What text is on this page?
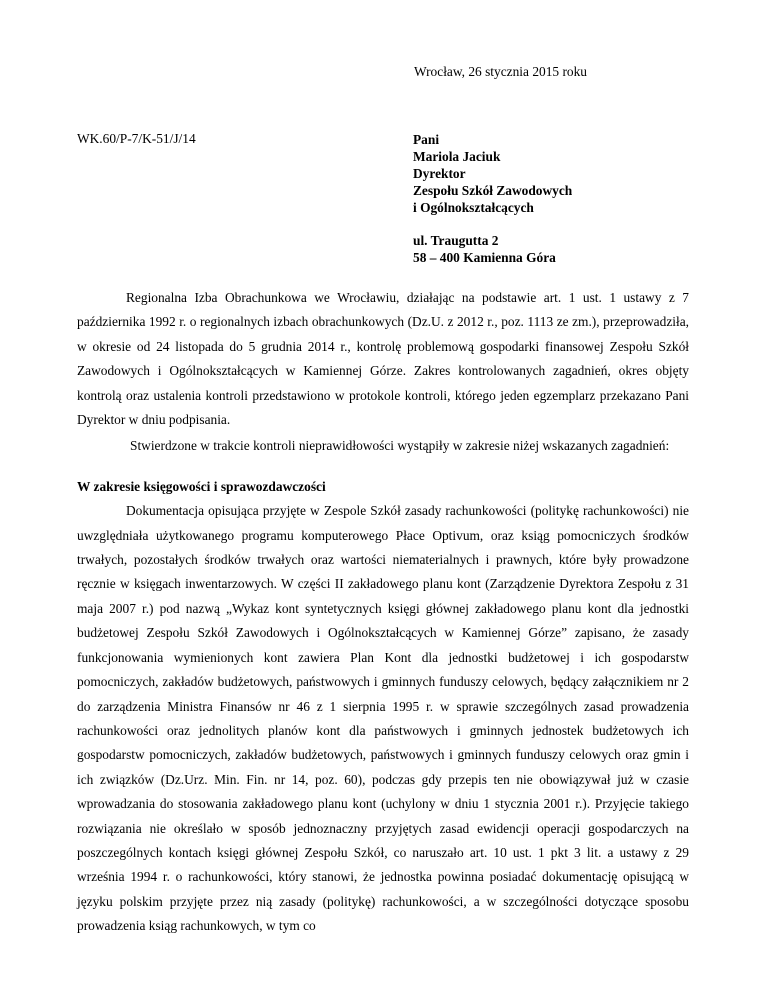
Wrocław, 26 stycznia 2015 roku
WK.60/P-7/K-51/J/14	Pani
Mariola Jaciuk
Dyrektor
Zespołu Szkół Zawodowych
i Ogólnokształcących
ul. Traugutta 2
58 – 400 Kamienna Góra

Regionalna Izba Obrachunkowa we Wrocławiu, działając na podstawie art. 1 ust. 1 ustawy z 7 października 1992 r. o regionalnych izbach obrachunkowych (Dz.U. z 2012 r., poz. 1113 ze zm.), przeprowadziła, w okresie od 24 listopada do 5 grudnia 2014 r., kontrolę problemową gospodarki finansowej Zespołu Szkół Zawodowych i Ogólnokształcących w Kamiennej Górze. Zakres kontrolowanych zagadnień, okres objęty kontrolą oraz ustalenia kontroli przedstawiono w protokole kontroli, którego jeden egzemplarz przekazano Pani Dyrektor w dniu podpisania.

Stwierdzone w trakcie kontroli nieprawidłowości wystąpiły w zakresie niżej wskazanych zagadnień:

W zakresie księgowości i sprawozdawczości

Dokumentacja opisująca przyjęte w Zespole Szkół zasady rachunkowości (politykę rachunkowości) nie uwzględniała użytkowanego programu komputerowego Płace Optivum, oraz ksiąg pomocniczych środków trwałych, pozostałych środków trwałych oraz wartości niematerialnych i prawnych, które były prowadzone ręcznie w księgach inwentarzowych. W części II zakładowego planu kont (Zarządzenie Dyrektora Zespołu z 31 maja 2007 r.) pod nazwą „Wykaz kont syntetycznych księgi głównej zakładowego planu kont dla jednostki budżetowej Zespołu Szkół Zawodowych i Ogólnokształcących w Kamiennej Górze” zapisano, że zasady funkcjonowania wymienionych kont zawiera Plan Kont dla jednostki budżetowej i ich gospodarstw pomocniczych, zakładów budżetowych, państwowych i gminnych funduszy celowych, będący załącznikiem nr 2 do zarządzenia Ministra Finansów nr 46 z 1 sierpnia 1995 r. w sprawie szczególnych zasad prowadzenia rachunkowości oraz jednolitych planów kont dla państwowych i gminnych jednostek budżetowych ich gospodarstw pomocniczych, zakładów budżetowych, państwowych i gminnych funduszy celowych oraz gmin i ich związków (Dz.Urz. Min. Fin. nr 14, poz. 60), podczas gdy przepis ten nie obowiązywał już w czasie wprowadzania do stosowania zakładowego planu kont (uchylony w dniu 1 stycznia 2001 r.). Przyjęcie takiego rozwiązania nie określało w sposób jednoznaczny przyjętych zasad ewidencji operacji gospodarczych na poszczególnych kontach księgi głównej Zespołu Szkół, co naruszało art. 10 ust. 1 pkt 3 lit. a ustawy z 29 września 1994 r. o rachunkowości, który stanowi, że jednostka powinna posiadać dokumentację opisującą w języku polskim przyjęte przez nią zasady (politykę) rachunkowości, a w szczególności dotyczące sposobu prowadzenia ksiąg rachunkowych, w tym co
